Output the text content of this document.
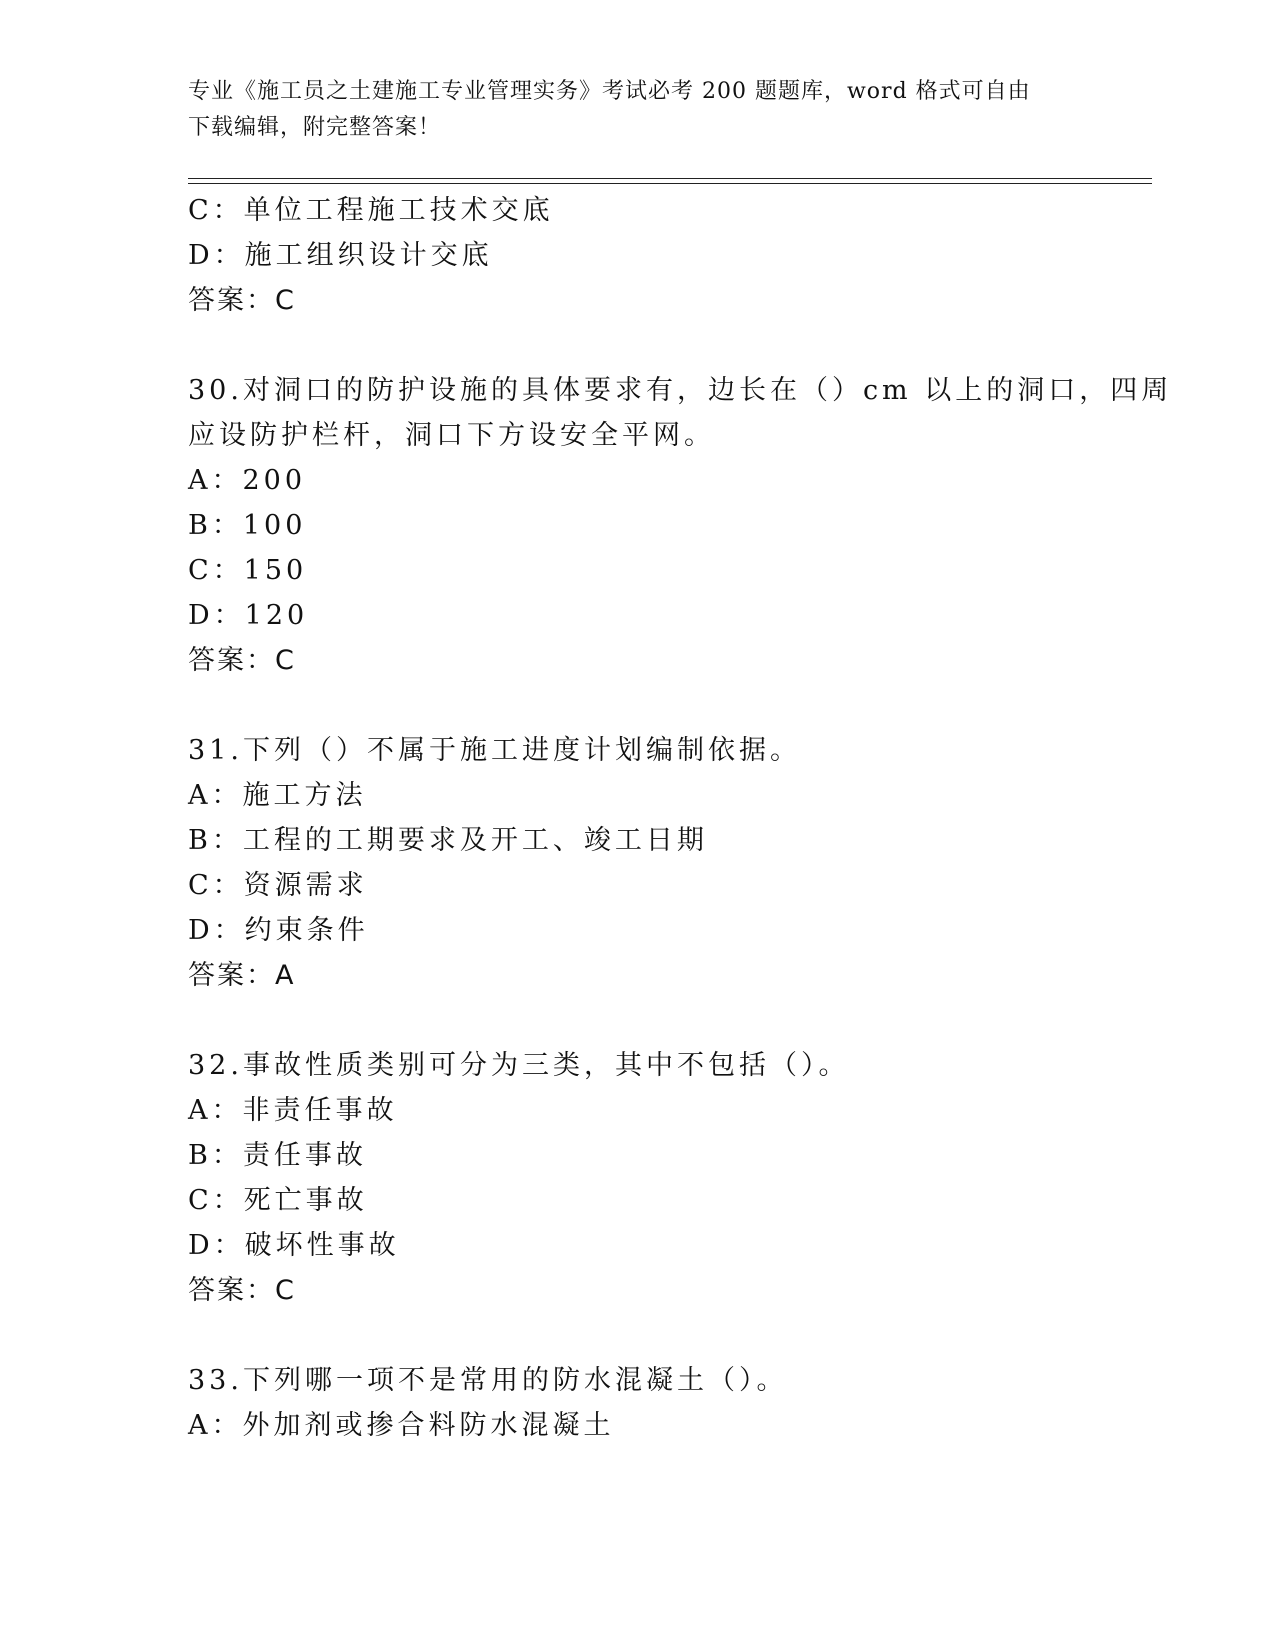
专业《施工员之土建施工专业管理实务》考试必考 200 题题库，word 格式可自由
下载编辑，附完整答案！
C：单位工程施工技术交底
D：施工组织设计交底
答案：C
30.对洞口的防护设施的具体要求有，边长在（）cm 以上的洞口，四周
应设防护栏杆，洞口下方设安全平网。
A：200
B：100
C：150
D：120
答案：C
31.下列（）不属于施工进度计划编制依据。
A：施工方法
B：工程的工期要求及开工、竣工日期
C：资源需求
D：约束条件
答案：A
32.事故性质类别可分为三类，其中不包括（）。
A：非责任事故
B：责任事故
C：死亡事故
D：破坏性事故
答案：C
33.下列哪一项不是常用的防水混凝土（）。
A：外加剂或掺合料防水混凝土
